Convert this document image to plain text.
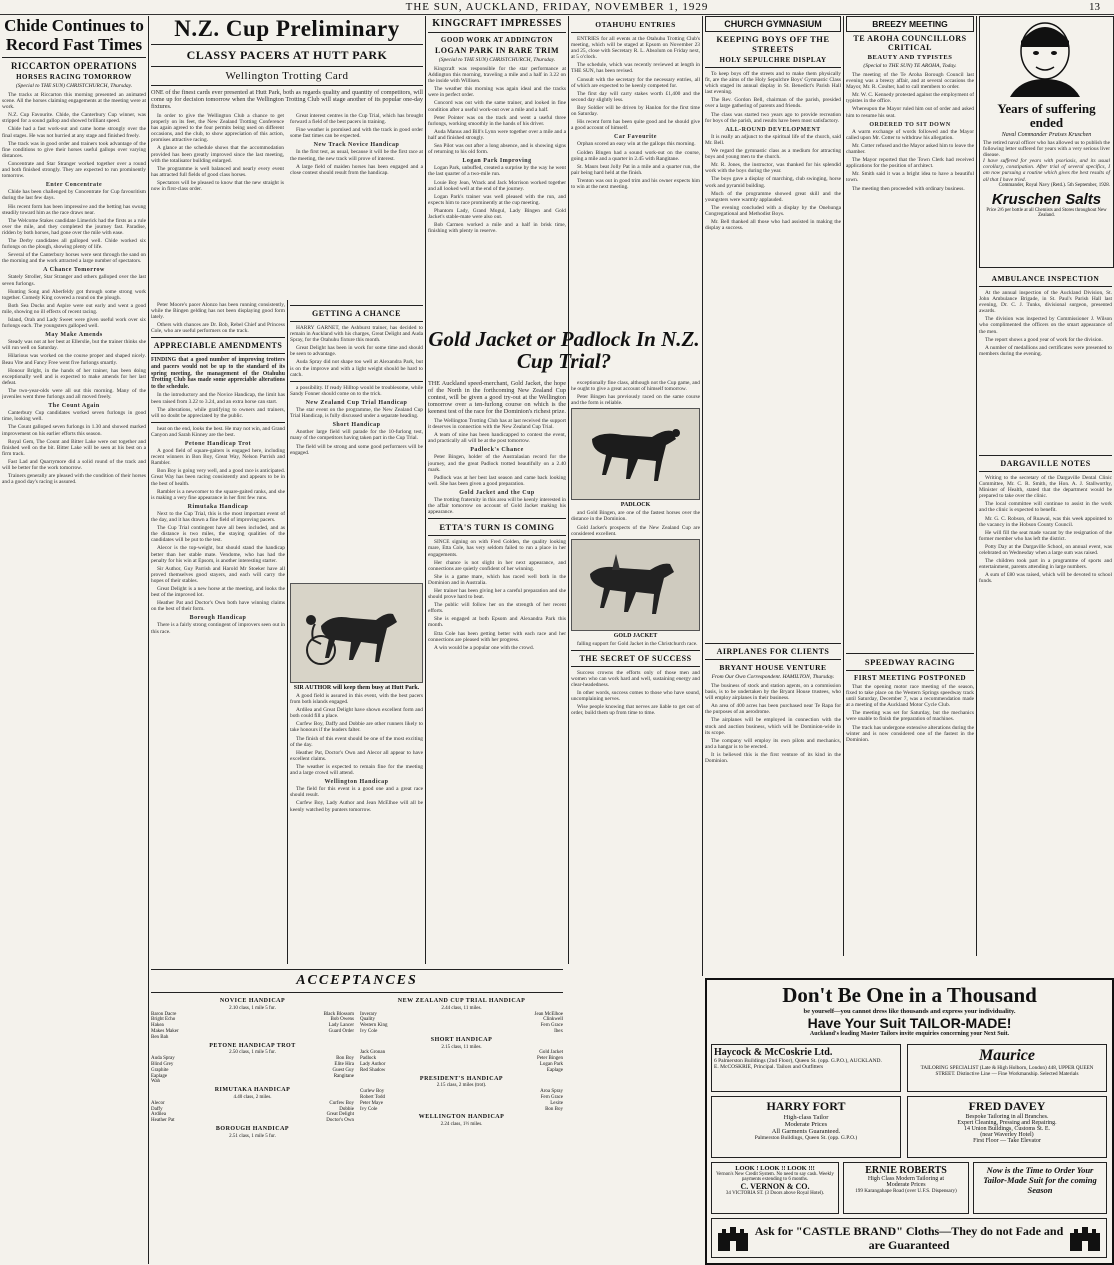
THE SUN, AUCKLAND, FRIDAY, NOVEMBER 1, 1929	13
Chide Continues to Record Fast Times
RICCARTON OPERATIONS
HORSES RACING TOMORROW
(Special to THE SUN) CHRISTCHURCH, Thursday.

The tracks at Riccarton this morning presented an animated scene. All the horses claiming engagements at the meeting were at work.

N.Z. Cup Favourite. Chide, the Canterbury Cup winner, was stripped for a sound gallop and showed brilliant speed.

Chide had a fast work-out and came home strongly over the final stages. He was not hurried at any stage and finished freely.

The track was in good order and trainers took advantage of the fine conditions to give their horses useful gallops over varying distances.

Concentrate and Star Stranger worked together over a round and both finished strongly. They are expected to run prominently tomorrow.

Enter Concentrate

Chide has been challenged by Concentrate for Cup favouritism during the last few days.

His recent form has been impressive and the betting has swung steadily toward him as the race draws near.

The Welcome Stakes candidate Limerick had the firsts as a rule over the mile, and they completed the journey fast. Paradise, ridden by both horses, had gone over the mile with ease.

The Derby candidates all galloped well. Chide worked six furlongs on the plough, showing plenty of life.

Several of the Canterbury horses were sent through the sand on the morning and the work attracted a large number of spectators.

A Chance Tomorrow

Stately Stroller, Star Stranger and others galloped over the last seven furlongs.

Hunting Song and Aberfeldy got through some strong work together. Comedy King covered a round on the plough.

Both Sea Ducks and Aspire were out early and went a good mile, showing no ill effects of recent racing.

Island, Orah and Lady Sweet were given useful work over six furlongs each. The youngsters galloped well.

May Make Amends

Steady was not at her best at Ellerslie, but the trainer thinks she will run well on Saturday.

Hilarious was worked on the course proper and shaped nicely. Beau Vite and Fancy Free went five furlongs smartly.

Honour Bright, in the hands of her trainer, has been doing exceptionally well and is expected to make amends for her last defeat.

The two-year-olds were all out this morning. Many of the juveniles went three furlongs and all moved freely.

The Count Again

Canterbury Cup candidates worked seven furlongs in good time, looking well.

The Count galloped seven furlongs in 1.30 and showed marked improvement on his earlier efforts this season.

Royal Gem, The Count and Bitter Lake were out together and finished well on the bit. Bitter Lake will be seen at his best on a firm track.

Fast Lad and Quarrymore did a solid round of the track and will be better for the work tomorrow.

Trainers generally are pleased with the condition of their horses and a good day's racing is assured.

N.Z. Cup Preliminary
CLASSY PACERS AT HUTT PARK
Wellington Trotting Card
ONE of the finest cards ever presented at Hutt Park, both as regards quality and quantity of competitors, will come up for decision tomorrow when the Wellington Trotting Club will stage another of its popular one-day fixtures.

In order to give the Wellington Club a chance to get properly on its feet, the New Zealand Trotting Conference has again agreed to the four permits being used on different occasions, and the club, to show appreciation of this action, promises attractive racing.

A glance at the schedule shows that the accommodation provided has been greatly improved since the last meeting, with the totalisator building enlarged.

The programme is well balanced and nearly every event has attracted full fields of good class horses.

Spectators will be pleased to know that the new straight is now in first-class order.

Great interest centres in the Cup Trial, which has brought forward a field of the best pacers in training.

Fine weather is promised and with the track in good order some fast times can be expected.

New Track Novice Handicap

In the first test, as usual, because it will be the first race at the meeting, the new track will prove of interest.

A large field of maiden horses has been engaged and a close contest should result from the handicap.

Peter Moore's pacer Alonzo has been running consistently, while the Bingen gelding has not been displaying good form lately.

Others with chances are Dr. Bob, Rebel Chief and Princess Cole, who are useful performers on the track.

APPRECIABLE AMENDMENTS
FINDING that a good number of improving trotters and pacers would not be up to the standard of its spring meeting, the management of the Otahuhu Trotting Club has made some appreciable alterations to the schedule.

In the introductory and the Novice Handicap, the limit has been raised from 3.22 to 3.24, and an extra horse can start.

The alterations, while gratifying to owners and trainers, will no doubt be appreciated by the public.

heat on the end, looks the best. He may not win, and Grand Canyon and Sarah Kinney are the best.

Petone Handicap Trot

A good field of square-gaiters is engaged here, including recent winners in Bon Boy, Great Way, Nelson Parrish and Rambler.

Bon Boy is going very well, and a good race is anticipated. Great Way has been racing consistently and appears to be in the best of health.

Rambler is a newcomer to the square-gaited ranks, and she is making a very fine appearance in her first few runs.

Rimutaka Handicap

Next to the Cup Trial, this is the most important event of the day, and it has drawn a fine field of improving pacers.

The Cup Trial contingent have all been included, and as the distance is two miles, the staying qualities of the candidates will be put to the test.

Alecor is the top-weight, but should stand the handicap better than her stable mate. Vendome, who has had the penalty for his win at Epsom, is another interesting starter.

Sir Author, Guy Parrish and Harold Mr Stoeker have all proved themselves good stayers, and each will carry the hopes of their stables.

Great Delight is a new horse at the meeting, and looks the best of the improved lot.

Heather Pat and Doctor's Own both have winning claims on the best of their form.

Borough Handicap

There is a fairly strong contingent of improvers seen out in this race.

GETTING A CHANCE

HARRY GARNET, the Ashburst trainer, has decided to remain in Auckland with his charges, Great Delight and Auda Spray, for the Otahuhu fixture this month.

Great Delight has been in work for some time and should be seen to advantage.

Auda Spray did not shape too well at Alexandra Park, but is on the improve and with a light weight should be hard to catch.

a possibility. If ready Hilltop would be troublesome, while Sandy Fonner should come on to the trick.

New Zealand Cup Trial Handicap

The star event on the programme, the New Zealand Cup Trial Handicap, is fully discussed under a separate heading.

Short Handicap

Another large field will parade for the 10-furlong test, many of the competitors having taken part in the Cup Trial.

The field will be strong and some good performers will be engaged.

SIR AUTHOR will keep them busy at Hutt Park.

A good field is assured in this event, with the best pacers from both islands engaged.

Ardilea and Great Delight have shown excellent form and both could fill a place.

Curfew Boy, Daffy and Dobbie are other runners likely to take honours if the leaders falter.

The finish of this event should be one of the most exciting of the day.

Heather Pat, Doctor's Own and Alecor all appear to have excellent claims.

The weather is expected to remain fine for the meeting and a large crowd will attend.

Wellington Handicap

The field for this event is a good one and a great race should result.

Curfew Boy, Lady Author and Jean McElhoe will all be keenly watched by punters tomorrow.

KINGCRAFT IMPRESSES
GOOD WORK AT ADDINGTON
LOGAN PARK IN RARE TRIM
(Special to THE SUN) CHRISTCHURCH, Thursday.

Kingcraft was responsible for the star performance at Addington this morning, traveling a mile and a half in 3.22 on the inside with Willisen.

The weather this morning was again ideal and the tracks were in perfect order.

Concord was out with the same trainer, and looked in fine condition after a useful work-out over a mile and a half.

Peter Pointer was on the track and went a useful three furlongs, working smoothly in the hands of his driver.

Auda Manus and Bill's Lynn were together over a mile and a half and finished strongly.

Sea Pilot was out after a long absence, and is showing signs of returning to his old form.

Logan Park Improving

Logan Park, unbuffed, created a surprise by the way he went the last quarter of a two-mile run.

Louie Boy Jean, Wrack and Jack Morrison worked together and all looked well at the end of the journey.

Logan Park's trainer was well pleased with the run, and expects him to race prominently at the cup meeting.

Phantom Lady, Grand Mogul, Lady Bingen and Gold Jacket's stable-mate were also out.

Bob Carmen worked a mile and a half in brisk time, finishing with plenty in reserve.

OTAHUHU ENTRIES

ENTRIES for all events at the Otahuhu Trotting Club's meeting, which will be staged at Epsom on November 23 and 25, close with Secretary R. L. Absolum on Friday next, at 5 o'clock.

The schedule, which was recently reviewed at length in THE SUN, has been revised.

Consult with the secretary for the necessary entries, all of which are expected to be keenly competed for.

The first day will carry stakes worth £1,400 and the second day slightly less.

Boy Soldier will be driven by Hanlon for the first time on Saturday.

His recent form has been quite good and he should give a good account of himself.

Car Favourite

Orphan scored an easy win at the gallops this morning.

Golden Bingen had a sound work-out on the course, going a mile and a quarter in 2.45 with Rangitane.

St. Maurs beat Jolly Pat in a mile and a quarter run, the pair being hard held at the finish.

Trenton was out in good trim and his owner expects him to win at the next meeting.

Gold Jacket or Padlock In N.Z. Cup Trial?
THE Auckland speed-merchant, Gold Jacket, the hope of the North in the forthcoming New Zealand Cup contest, will be given a good try-out at the Wellington tomorrow over a ten-furlong course on which is the keenest test of the race for the Dominion's richest prize.

The Wellington Trotting Club has at last received the support it deserves in connection with the New Zealand Cup Trial.

A team of nine has been handicapped to contest the event, and practically all will be at the post tomorrow.

Padlock's Chance

Peter Bingen, holder of the Australasian record for the journey, and the great Padlock trotted beautifully on a 2.40 mark.

Padlock was at her best last season and came back looking well. She has been given a good preparation.

Gold Jacket and the Cup

The trotting fraternity in this area will be keenly interested in the affair tomorrow on account of Gold Jacket making his appearance.

ETTA'S TURN IS COMING

SINCE signing on with Fred Golden, the quality looking mare, Etta Cole, has very seldom failed to run a place in her engagements.

Her chance is not slight in her next appearance, and connections are quietly confident of her winning.

She is a game mare, which has raced well both in the Dominion and in Australia.

Her trainer has been giving her a careful preparation and she should prove hard to beat.

The public will follow her on the strength of her recent efforts.

She is engaged at both Epsom and Alexandra Park this month.

Etta Cole has been getting better with each race and her connections are pleased with her progress.

A win would be a popular one with the crowd.

exceptionally fine class, although not the Cup game, and he ought to give a great account of himself tomorrow.

Peter Bingen has previously raced on the same course and the form is reliable.

PADLOCK

and Gold Bingen, are one of the fastest horses over the distance in the Dominion.

Gold Jacket's prospects of the New Zealand Cup are considered excellent.

GOLD JACKET

falling support for Gold Jacket in the Christchurch race.

THE SECRET OF SUCCESS

Success crowns the efforts only of those men and women who can work hard and well, sustaining energy and clear-headedness.

In other words, success comes to those who have sound, uncomplaining nerves.

Wise people knowing that nerves are liable to get out of order, build them up from time to time.

CHURCH GYMNASIUM
KEEPING BOYS OFF THE STREETS
HOLY SEPULCHRE DISPLAY

To keep boys off the streets and to make them physically fit, are the aims of the Holy Sepulchre Boys' Gymnastic Class which staged its annual display in St. Benedict's Parish Hall last evening.

The Rev. Gordon Bell, chairman of the parish, presided over a large gathering of parents and friends.

The class was started two years ago to provide recreation for boys of the parish, and results have been most satisfactory.

ALL-ROUND DEVELOPMENT

It is really an adjunct to the spiritual life of the church, said Mr. Bell.

We regard the gymnastic class as a medium for attracting boys and young men to the church.

Mr. R. Jones, the instructor, was thanked for his splendid work with the boys during the year.

The boys gave a display of marching, club swinging, horse work and pyramid building.

Much of the programme showed great skill and the youngsters were warmly applauded.

The evening concluded with a display by the Onehunga Congregational and Methodist Boys.

Mr. Bell thanked all those who had assisted in making the display a success.

AIRPLANES FOR CLIENTS
BRYANT HOUSE VENTURE
From Our Own Correspondent. HAMILTON, Thursday.

The business of stock and station agents, on a commission basis, is to be undertaken by the Bryant House trustees, who will employ airplanes in their business.

An area of 400 acres has been purchased near Te Rapa for the purposes of an aerodrome.

The airplanes will be employed in connection with the stock and auction business, which will be Dominion-wide in its scope.

The company will employ its own pilots and mechanics, and a hangar is to be erected.

It is believed this is the first venture of its kind in the Dominion.

BREEZY MEETING
TE AROHA COUNCILLORS CRITICAL
BEAUTY AND TYPISTES
(Special to THE SUN) TE AROHA, Today.

The meeting of the Te Aroha Borough Council last evening was a breezy affair, and at several occasions the Mayor, Mr. R. Coulter, had to call members to order.

Mr. W. C. Kennedy protested against the employment of typistes in the office.

Whereupon the Mayor ruled him out of order and asked him to resume his seat.

ORDERED TO SIT DOWN

A warm exchange of words followed and the Mayor called upon Mr. Cotter to withdraw his allegation.

Mr. Cotter refused and the Mayor asked him to leave the chamber.

The Mayor reported that the Town Clerk had received applications for the position of architect.

Mr. Smith said it was a bright idea to have a beautiful town.

The meeting then proceeded with ordinary business.

Years of suffering ended
Naval Commander Praises Kruschen
The retired naval officer who has allowed us to publish the following letter suffered for years with a very serious liver disease.
I have suffered for years with psoriasis, and its usual corollary, constipation. After trial of several specifics, I am now pursuing a routine which gives the best results of all that I have tried.
Commander, Royal Navy (Retd.). 5th September, 1928.
Kruschen Salts
Price 2/6 per bottle at all Chemists and Stores throughout New Zealand.
AMBULANCE INSPECTION

At the annual inspection of the Auckland Division, St. John Ambulance Brigade, in St. Paul's Parish Hall last evening, Dr. C. J. Tunks, divisional surgeon, presented awards.

The division was inspected by Commissioner J. Wilson who complimented the officers on the smart appearance of the men.

The report shows a good year of work for the division.

A number of medallions and certificates were presented to members during the evening.

DARGAVILLE NOTES

Writing to the secretary of the Dargaville Dental Clinic Committee, Mr. C. R. Smith, the Hon. A. J. Stallworthy, Minister of Health, stated that the department would be prepared to take over the clinic.

The local committee will continue to assist in the work and the clinic is expected to benefit.

Mr. G. C. Robson, of Ruawai, was this week appointed to the vacancy in the Hobson County Council.

He will fill the seat made vacant by the resignation of the former member who has left the district.

Potty Day at the Dargaville School, on annual event, was celebrated on Wednesday when a large sum was raised.

The children took part in a programme of sports and entertainment, parents attending in large numbers.

A sum of £80 was raised, which will be devoted to school funds.

SPEEDWAY RACING
FIRST MEETING POSTPONED

That the opening motor race meeting of the season, fixed to take place on the Western Springs speedway track until Saturday, December 7, was a recommendation made at a meeting of the Auckland Motor Cycle Club.

The meeting was set for Saturday, but the mechanics were unable to finish the preparation of machines.

The track has undergone extensive alterations during the winter and is now considered one of the fastest in the Dominion.

ACCEPTANCES
NOVICE HANDICAP
2.10 class, 1 mile 5 fur.
Baron Dacre	Black Blossom
Bright Echo	Bob Owens
Hakea	Lady Lancer
Makes Maker	Guard Order
Ben Bah
PETONE HANDICAP TROT
2.50 class, 1 mile 5 fur.
Auda Spray	Bon Boy
Blind Grey	Elite Hira
Graphite	Guest Guy
Eaplage	Rangitane
Wah
RIMUTAKA HANDICAP
4.40 class, 2 miles.
Alecor	Curfew Boy
Daffy	Dobbie
Ardilea	Great Delight
Heather Pat	Doctor's Own
BOROUGH HANDICAP
2.51 class, 1 mile 5 fur.
NEW ZEALAND CUP TRIAL HANDICAP
2.44 class, 11 miles.
Inverary	Jean McElhoe
Quality	Clinkwell
Western King	Fern Grace
Ivy Cole	Ibex
SHORT HANDICAP
2.15 class, 11 miles.
Jack Gronan	Gold Jacket
Padlock	Peter Bingen
Lady Author	Logan Park
Red Shadow	Eaplage
PRESIDENT'S HANDICAP
2.15 class, 2 miles (trot).
Curlew Boy	Aroa Spray
Robert Todd	Fern Grace
Peter Maye	Lexite
Ivy Cole	Bon Boy
WELLINGTON HANDICAP
2.24 class, 1½ miles.
Don't Be One in a Thousand
be yourself—you cannot dress like thousands and express your individuality.
Have Your Suit TAILOR-MADE!
Auckland's leading Master Tailors invite enquiries concerning your Next Suit.
Haycock & McCoskrie Ltd.
6 Palmerston Buildings (2nd Floor), Queen St. (opp. G.P.O.), AUCKLAND.
E. McCOSKRIE, Principal. Tailors and Outfitters
Maurice
TAILORING SPECIALIST (Late & High Holborn, London) 448, UPPER QUEEN STREET. Distinctive Line — Fine Workmanship. Selected Materials
HARRY FORT
High-class Tailor
Moderate Prices
All Garments Guaranteed.
Palmerston Buildings, Queen St. (opp. G.P.O.)
FRED DAVEY
Bespoke Tailoring in all Branches.
Expert Cleaning, Pressing and Repairing.
14 Union Buildings, Customs St. E.
(near Waverley Hotel)
First Floor — Take Elevator
LOOK ! LOOK !! LOOK !!!
Vernon's New Credit System. No need to say cash. Weekly payments extending to 6 months.
C. VERNON & CO.
34 VICTORIA ST. (3 Doors above Royal Hotel).
ERNIE ROBERTS
High Class Modern Tailoring at
Moderate Prices
199 Karangahape Road (over U.F.S. Dispensary)
Now is the Time to Order Your Tailor-Made Suit for the coming Season
Ask for "CASTLE BRAND" Cloths—They do not Fade and are Guaranteed
